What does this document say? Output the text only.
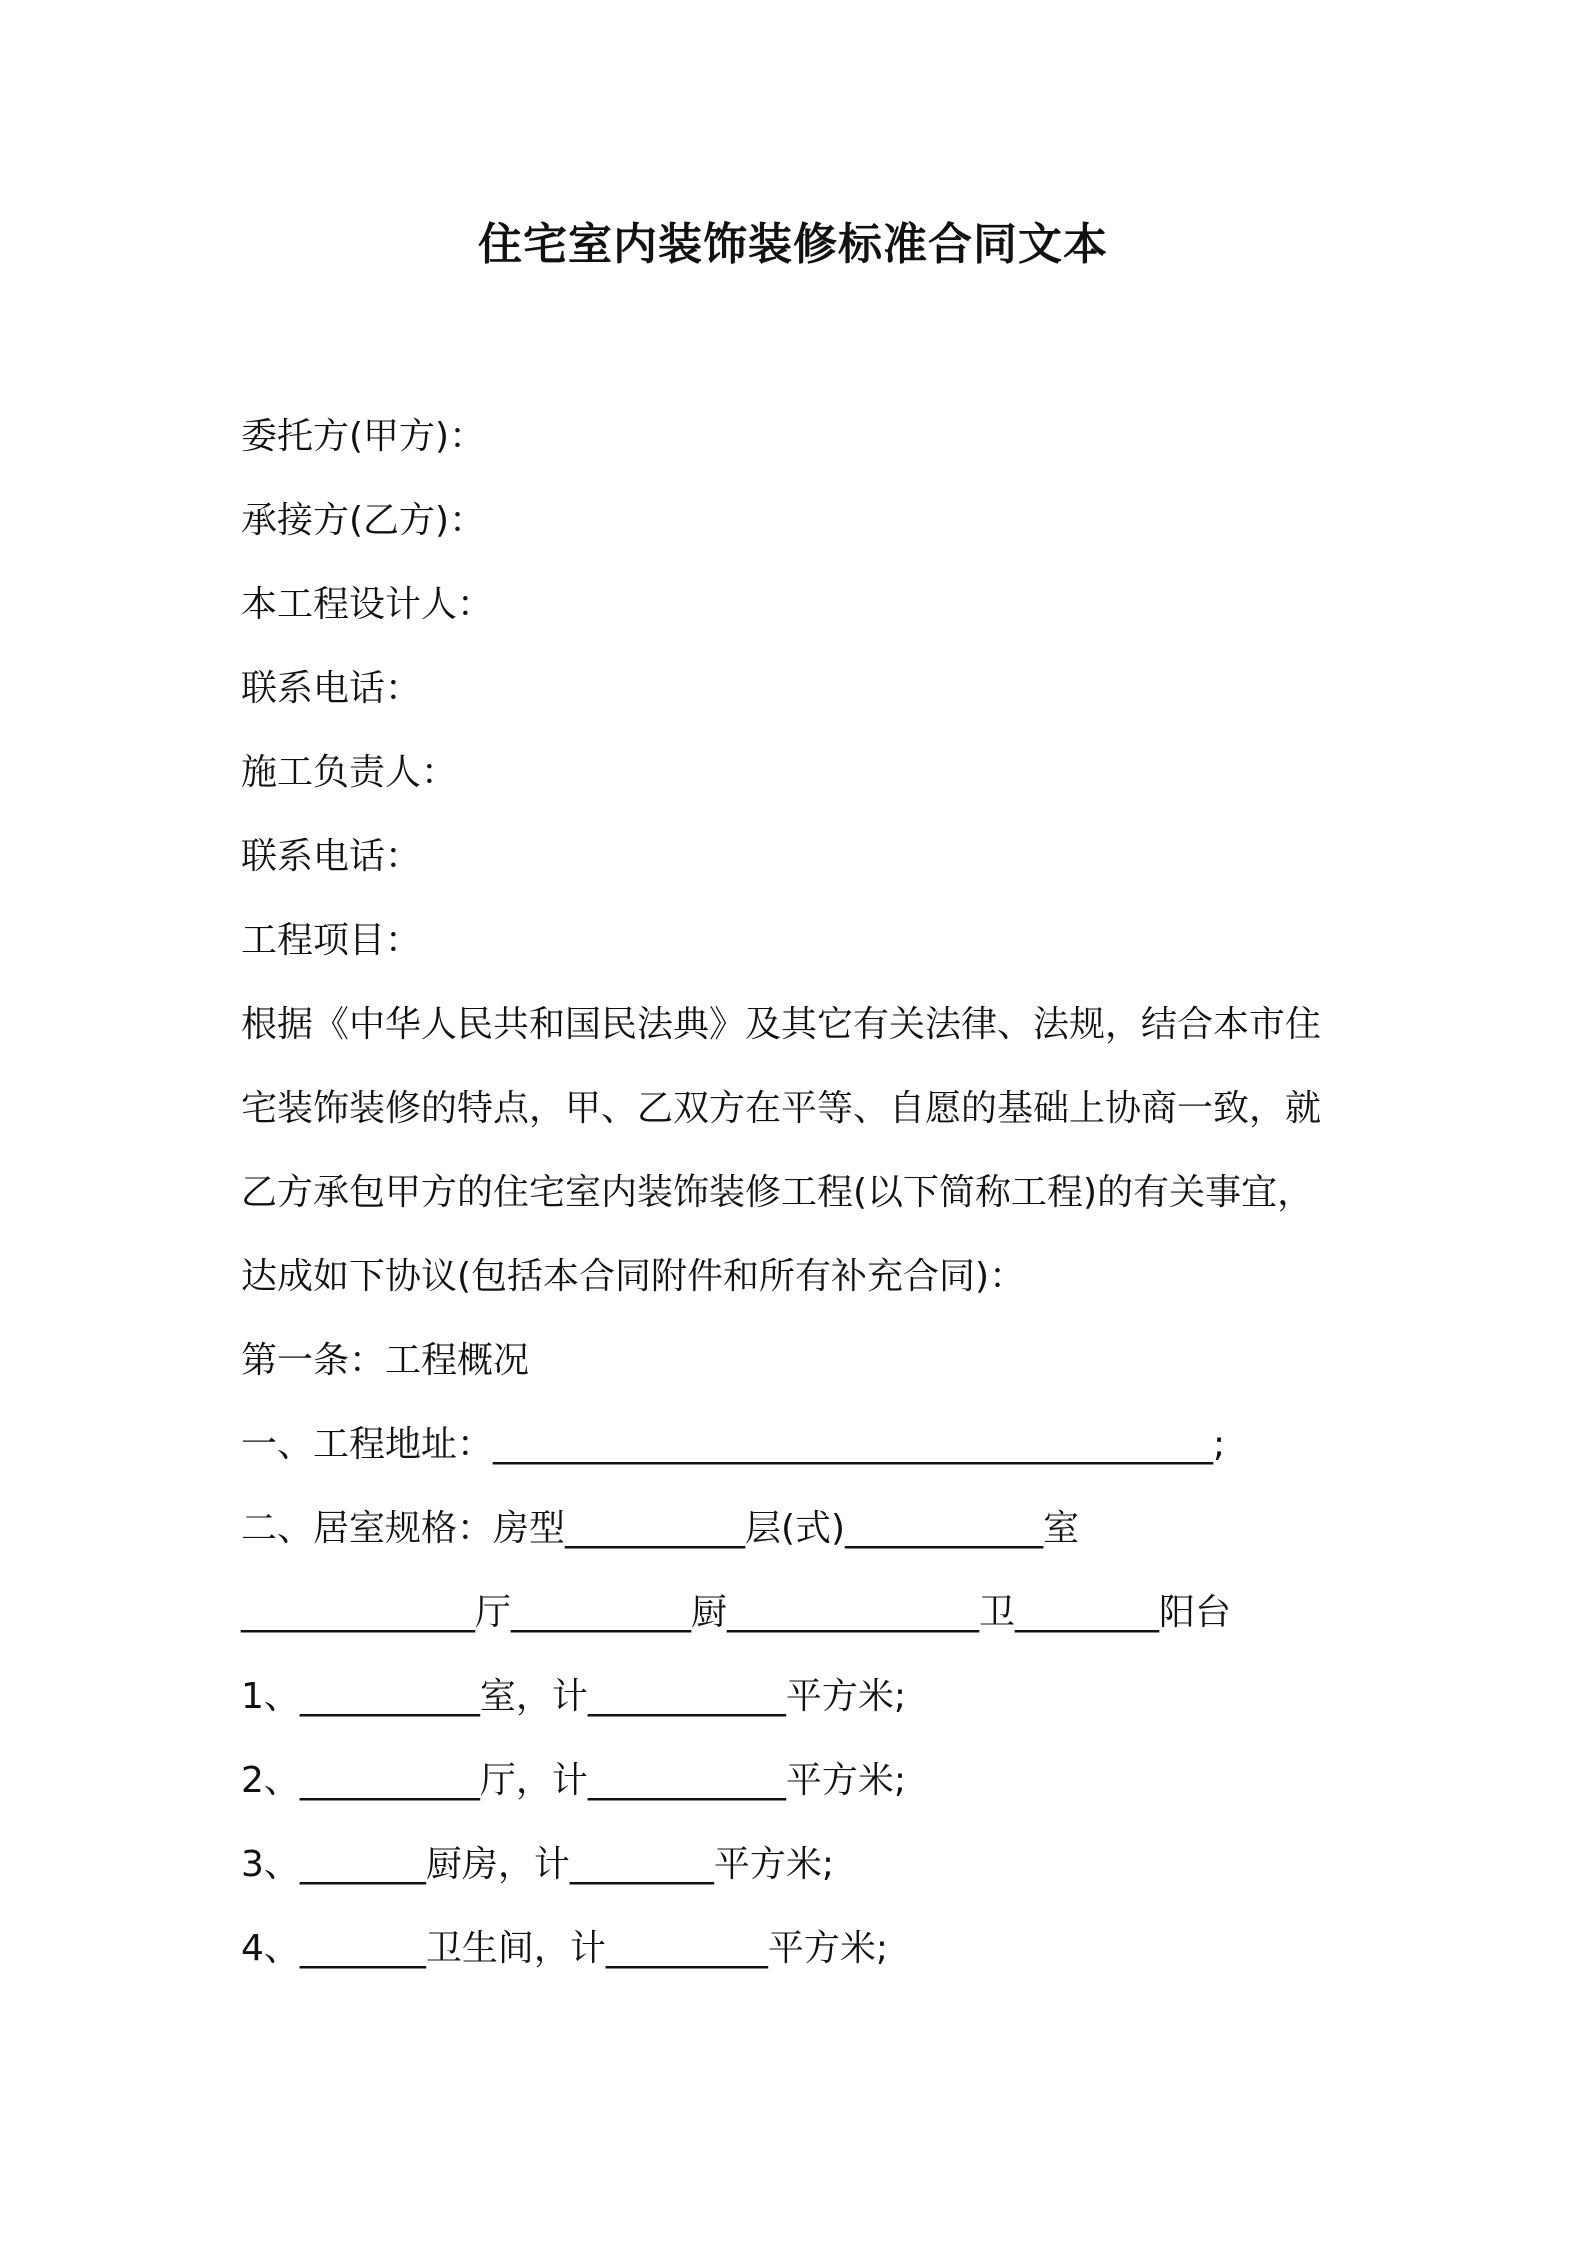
住宅室内装饰装修标准合同文本
委托方(甲方)：
承接方(乙方)：
本工程设计人：
联系电话：
施工负责人：
联系电话：
工程项目：
根据《中华人民共和国民法典》及其它有关法律、法规，结合本市住
宅装饰装修的特点，甲、乙双方在平等、自愿的基础上协商一致，就
乙方承包甲方的住宅室内装饰装修工程(以下简称工程)的有关事宜，
达成如下协议(包括本合同附件和所有补充合同)：
第一条：工程概况
一、工程地址：________________________________________;
二、居室规格：房型__________层(式)___________室
_____________厅__________厨______________卫________阳台
1、__________室，计___________平方米;
2、__________厅，计___________平方米;
3、_______厨房，计________平方米;
4、_______卫生间，计_________平方米;
